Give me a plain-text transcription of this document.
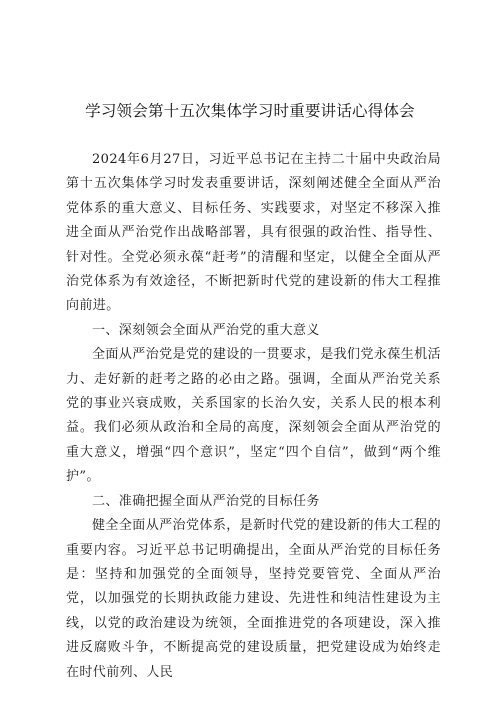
学习领会第十五次集体学习时重要讲话心得体会

2024年6月27日，习近平总书记在主持二十届中央政治局第十五次集体学习时发表重要讲话，深刻阐述健全全面从严治党体系的重大意义、目标任务、实践要求，对坚定不移深入推进全面从严治党作出战略部署，具有很强的政治性、指导性、针对性。全党必须永葆“赶考”的清醒和坚定，以健全全面从严治党体系为有效途径，不断把新时代党的建设新的伟大工程推向前进。

一、深刻领会全面从严治党的重大意义

全面从严治党是党的建设的一贯要求，是我们党永葆生机活力、走好新的赶考之路的必由之路。强调，全面从严治党关系党的事业兴衰成败，关系国家的长治久安，关系人民的根本利益。我们必须从政治和全局的高度，深刻领会全面从严治党的重大意义，增强“四个意识”，坚定“四个自信”，做到“两个维护”。

二、准确把握全面从严治党的目标任务

健全全面从严治党体系，是新时代党的建设新的伟大工程的重要内容。习近平总书记明确提出，全面从严治党的目标任务是：坚持和加强党的全面领导，坚持党要管党、全面从严治党，以加强党的长期执政能力建设、先进性和纯洁性建设为主线，以党的政治建设为统领，全面推进党的各项建设，深入推进反腐败斗争，不断提高党的建设质量，把党建设成为始终走在时代前列、人民
